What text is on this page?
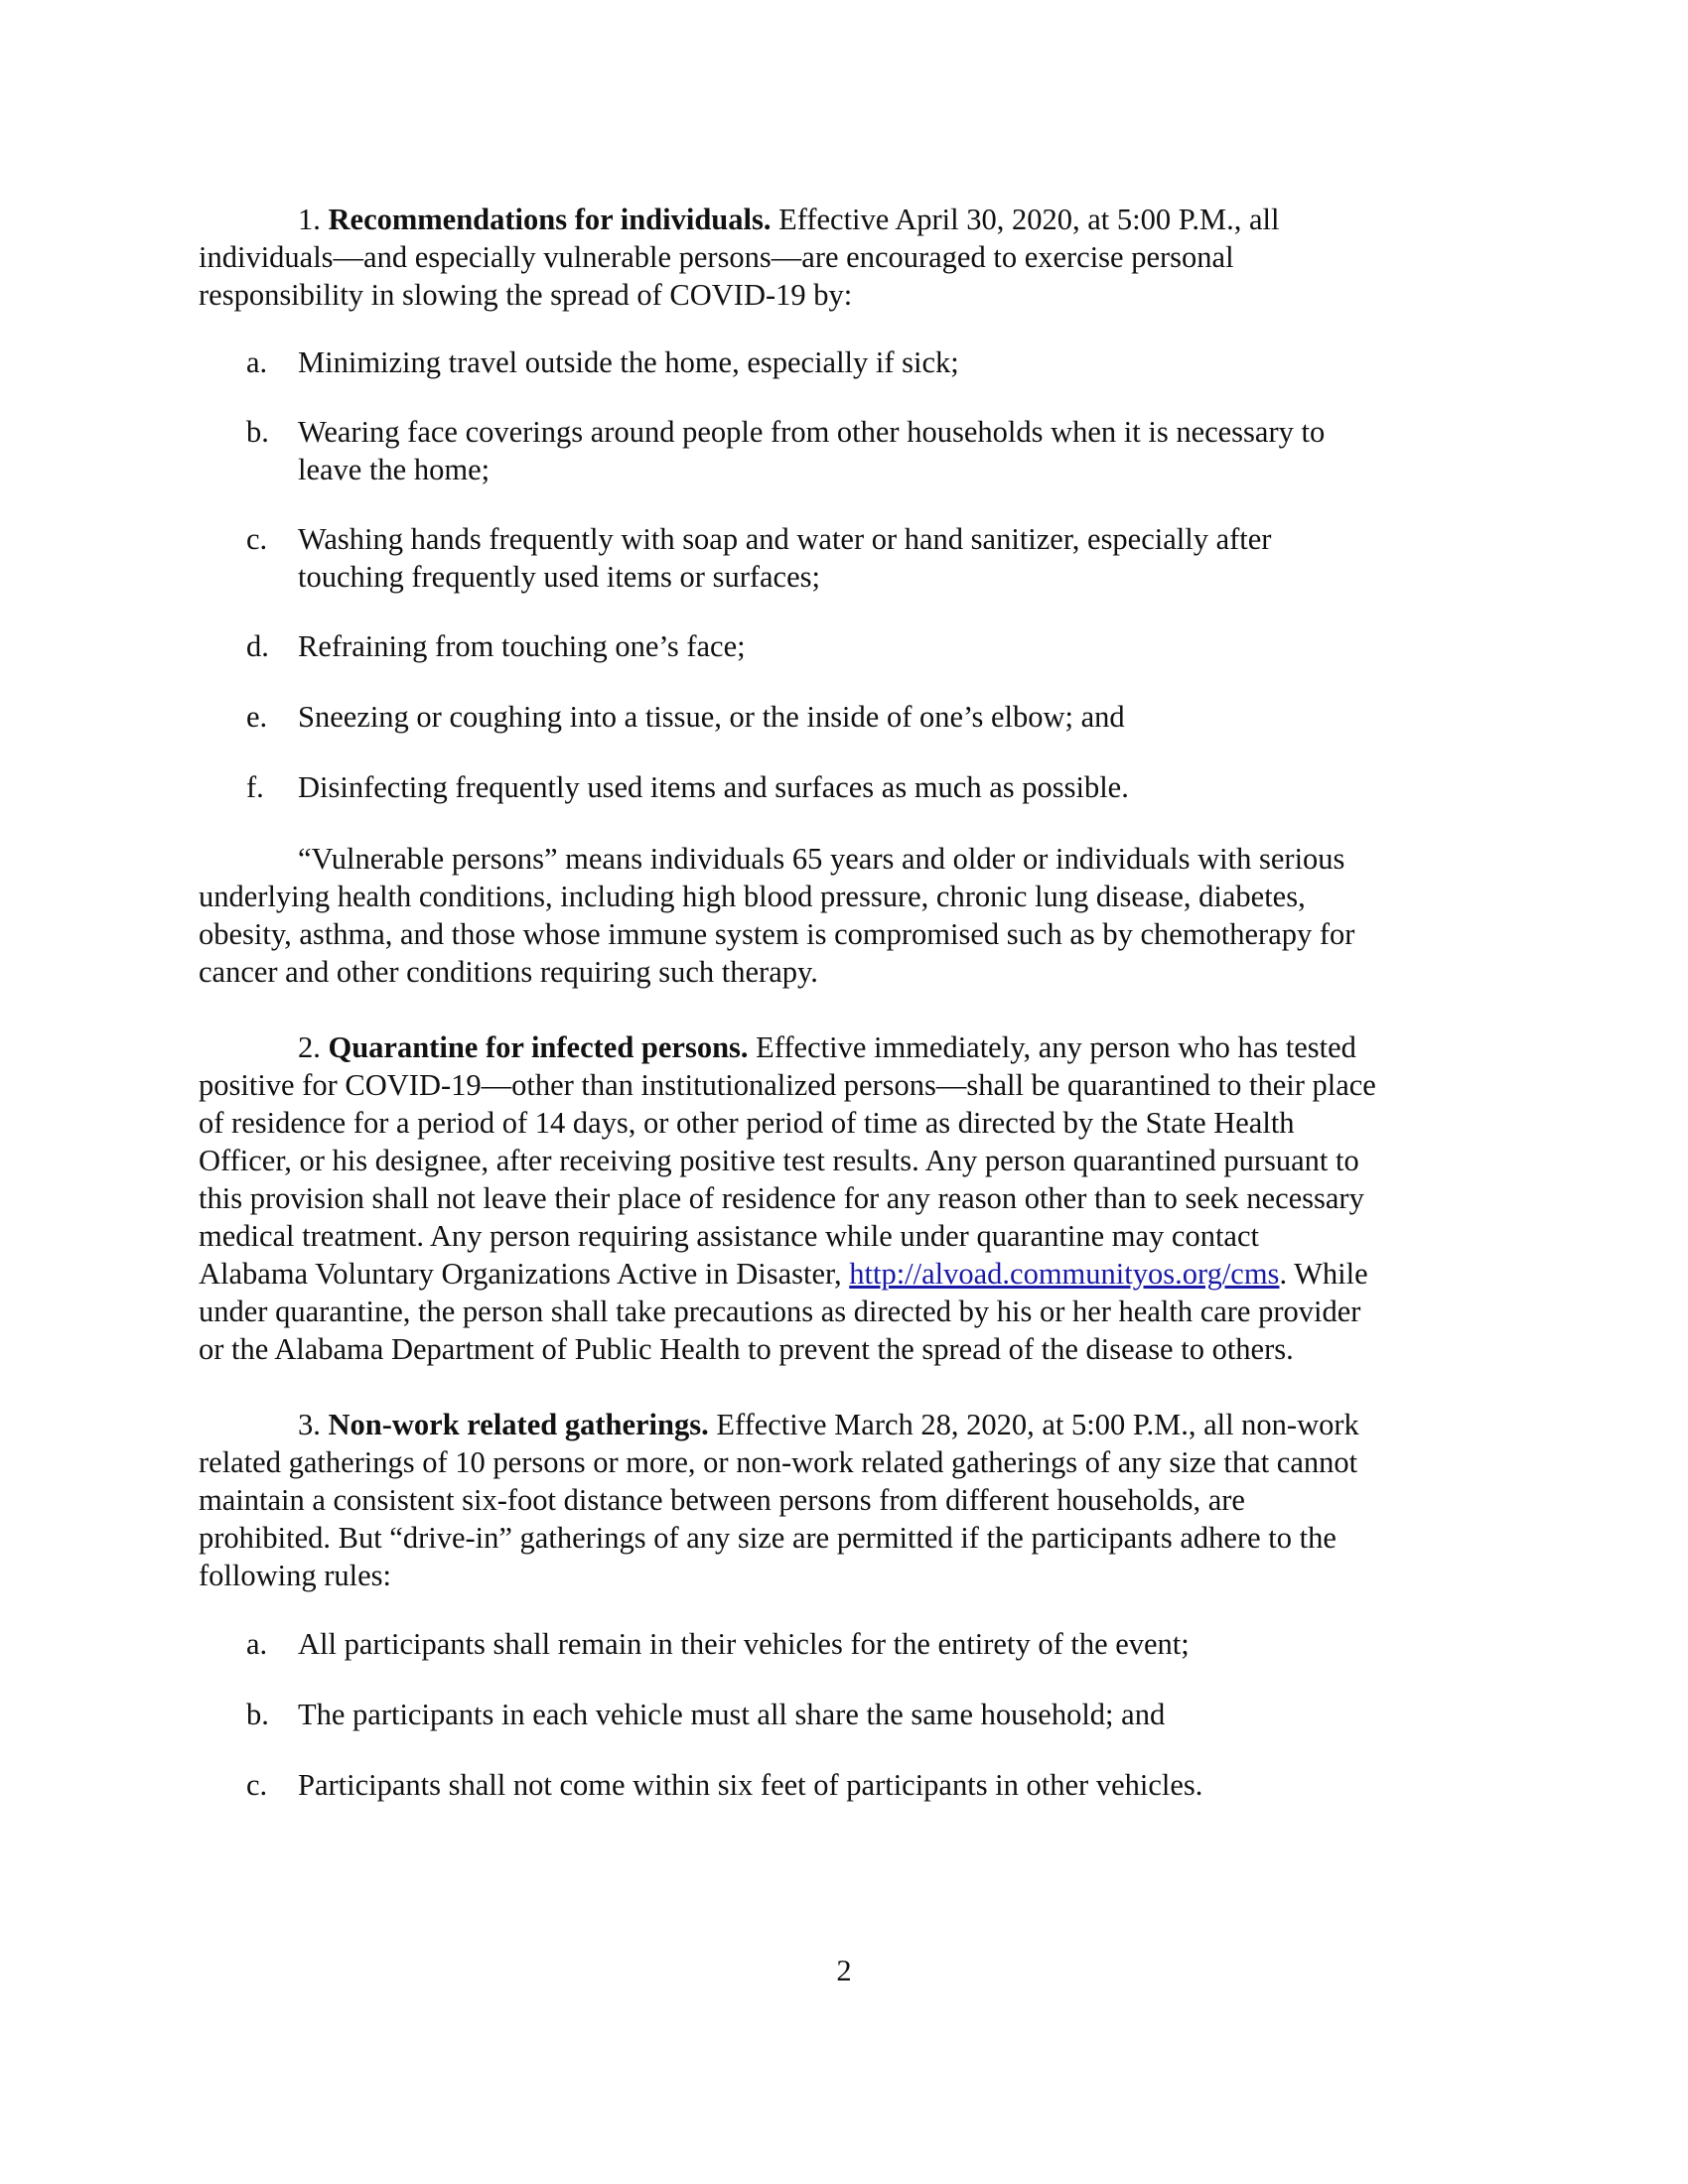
1. Recommendations for individuals. Effective April 30, 2020, at 5:00 P.M., all
individuals—and especially vulnerable persons—are encouraged to exercise personal
responsibility in slowing the spread of COVID-19 by:
a. Minimizing travel outside the home, especially if sick;
b. Wearing face coverings around people from other households when it is necessary to
leave the home;
c. Washing hands frequently with soap and water or hand sanitizer, especially after
touching frequently used items or surfaces;
d. Refraining from touching one’s face;
e. Sneezing or coughing into a tissue, or the inside of one’s elbow; and
f. Disinfecting frequently used items and surfaces as much as possible.
“Vulnerable persons” means individuals 65 years and older or individuals with serious
underlying health conditions, including high blood pressure, chronic lung disease, diabetes,
obesity, asthma, and those whose immune system is compromised such as by chemotherapy for
cancer and other conditions requiring such therapy.
2. Quarantine for infected persons. Effective immediately, any person who has tested
positive for COVID-19—other than institutionalized persons—shall be quarantined to their place
of residence for a period of 14 days, or other period of time as directed by the State Health
Officer, or his designee, after receiving positive test results. Any person quarantined pursuant to
this provision shall not leave their place of residence for any reason other than to seek necessary
medical treatment. Any person requiring assistance while under quarantine may contact
Alabama Voluntary Organizations Active in Disaster, http://alvoad.communityos.org/cms. While
under quarantine, the person shall take precautions as directed by his or her health care provider
or the Alabama Department of Public Health to prevent the spread of the disease to others.
3. Non-work related gatherings. Effective March 28, 2020, at 5:00 P.M., all non-work
related gatherings of 10 persons or more, or non-work related gatherings of any size that cannot
maintain a consistent six-foot distance between persons from different households, are
prohibited. But “drive-in” gatherings of any size are permitted if the participants adhere to the
following rules:
a. All participants shall remain in their vehicles for the entirety of the event;
b. The participants in each vehicle must all share the same household; and
c. Participants shall not come within six feet of participants in other vehicles.
2
